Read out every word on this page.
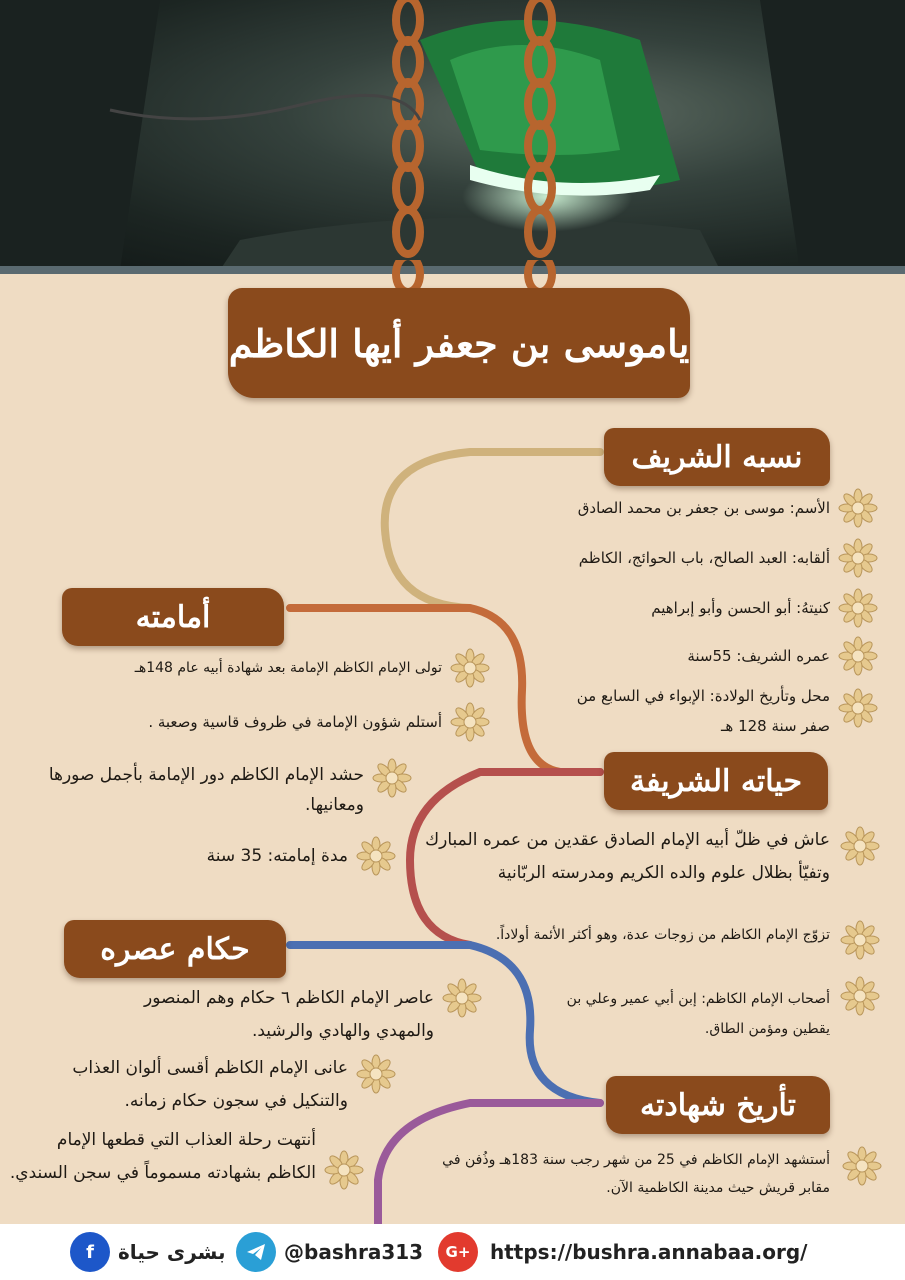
ياموسى بن جعفر أيها الكاظم
نسبه الشريف
الأسم: موسى بن جعفر بن محمد الصادق
ألقابه: العبد الصالح، باب الحوائج، الكاظم
كنيتهُ: أبو الحسن وأبو إبراهيم
عمره الشريف: 55سنة
محل وتأريخ الولادة: الإبواء في السابع من صفر سنة 128 هـ
أمامته
تولى الإمام الكاظم الإمامة بعد شهادة أبيه عام 148هـ
أستلم شؤون الإمامة في ظروف قاسية وصعبة .
حشد الإمام الكاظم دور الإمامة بأجمل صورها ومعانيها.
مدة إمامته: 35 سنة
حياته الشريفة
عاش في ظلّ أبيه الإمام الصادق عقدين من عمره المبارك وتفيّأ بظلال علوم والده الكريم ومدرسته الربّانية
تزوّج الإمام الكاظم من زوجات عدة، وهو أكثر الأئمة أولاداً.
أصحاب الإمام الكاظم: إبن أبي عمير وعلي بن يقطين ومؤمن الطاق.
حكام عصره
عاصر الإمام الكاظم ٦ حكام وهم المنصور والمهدي والهادي والرشيد.
عانى الإمام الكاظم أقسى ألوان العذاب والتنكيل في سجون حكام زمانه.
أنتهت رحلة العذاب التي قطعها الإمام الكاظم بشهادته مسموماً في سجن السندي.
تأريخ شهادته
أستشهد الإمام الكاظم في 25 من شهر رجب سنة 183هـ وذُفن في مقابر قريش حيث مدينة الكاظمية الآن.
f	بشرى حياة	@bashra313	G+ https://bushra.annabaa.org/
